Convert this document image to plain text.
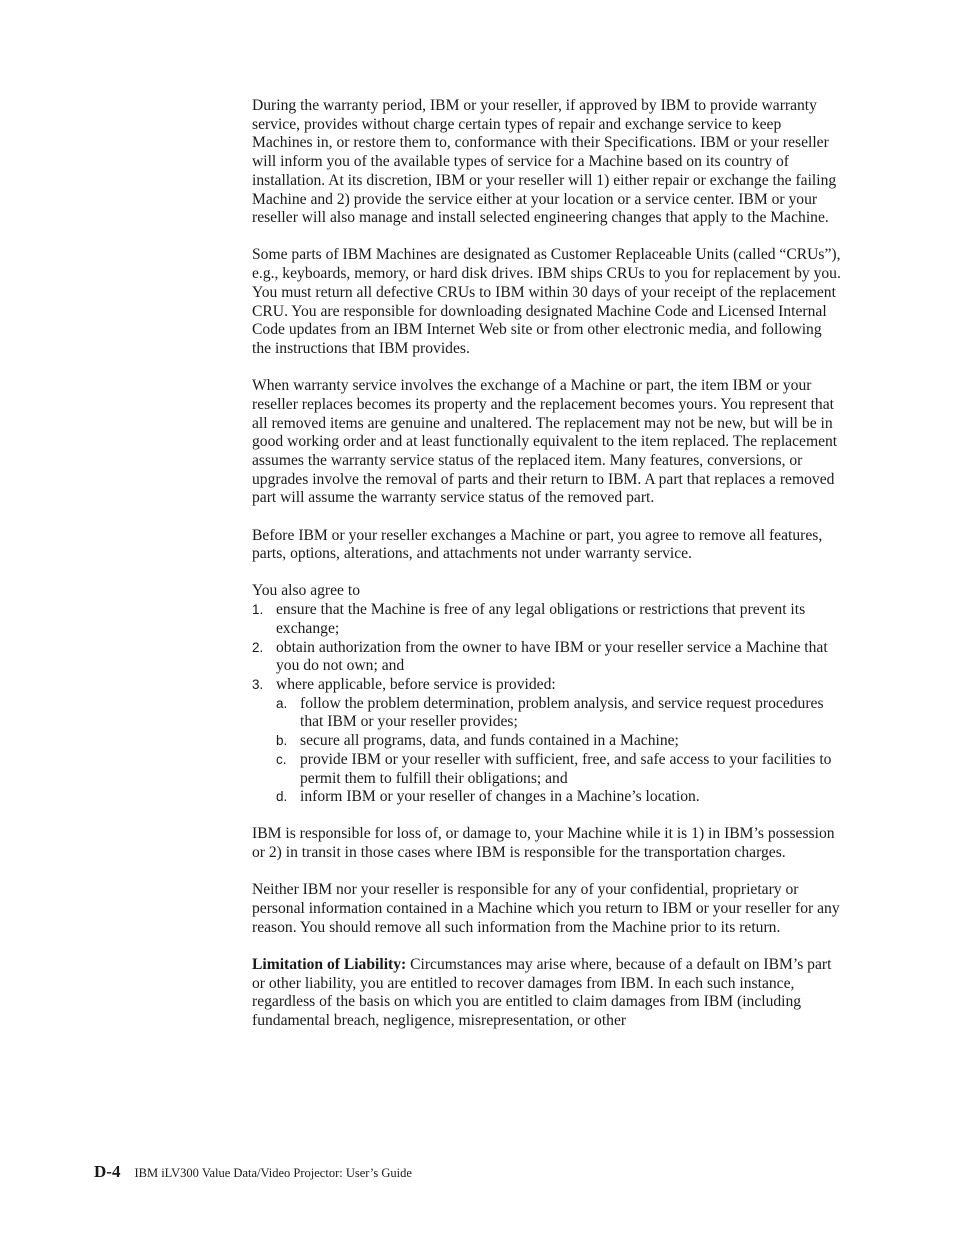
During the warranty period, IBM or your reseller, if approved by IBM to provide warranty service, provides without charge certain types of repair and exchange service to keep Machines in, or restore them to, conformance with their Specifications. IBM or your reseller will inform you of the available types of service for a Machine based on its country of installation. At its discretion, IBM or your reseller will 1) either repair or exchange the failing Machine and 2) provide the service either at your location or a service center. IBM or your reseller will also manage and install selected engineering changes that apply to the Machine.

Some parts of IBM Machines are designated as Customer Replaceable Units (called “CRUs”), e.g., keyboards, memory, or hard disk drives. IBM ships CRUs to you for replacement by you. You must return all defective CRUs to IBM within 30 days of your receipt of the replacement CRU. You are responsible for downloading designated Machine Code and Licensed Internal Code updates from an IBM Internet Web site or from other electronic media, and following the instructions that IBM provides.

When warranty service involves the exchange of a Machine or part, the item IBM or your reseller replaces becomes its property and the replacement becomes yours. You represent that all removed items are genuine and unaltered. The replacement may not be new, but will be in good working order and at least functionally equivalent to the item replaced. The replacement assumes the warranty service status of the replaced item. Many features, conversions, or upgrades involve the removal of parts and their return to IBM. A part that replaces a removed part will assume the warranty service status of the removed part.

Before IBM or your reseller exchanges a Machine or part, you agree to remove all features, parts, options, alterations, and attachments not under warranty service.

You also agree to
1. ensure that the Machine is free of any legal obligations or restrictions that prevent its exchange;
2. obtain authorization from the owner to have IBM or your reseller service a Machine that you do not own; and
3. where applicable, before service is provided:
a. follow the problem determination, problem analysis, and service request procedures that IBM or your reseller provides;
b. secure all programs, data, and funds contained in a Machine;
c. provide IBM or your reseller with sufficient, free, and safe access to your facilities to permit them to fulfill their obligations; and
d. inform IBM or your reseller of changes in a Machine’s location.

IBM is responsible for loss of, or damage to, your Machine while it is 1) in IBM’s possession or 2) in transit in those cases where IBM is responsible for the transportation charges.

Neither IBM nor your reseller is responsible for any of your confidential, proprietary or personal information contained in a Machine which you return to IBM or your reseller for any reason. You should remove all such information from the Machine prior to its return.

Limitation of Liability: Circumstances may arise where, because of a default on IBM’s part or other liability, you are entitled to recover damages from IBM. In each such instance, regardless of the basis on which you are entitled to claim damages from IBM (including fundamental breach, negligence, misrepresentation, or other

D-4 IBM iLV300 Value Data/Video Projector: User’s Guide
